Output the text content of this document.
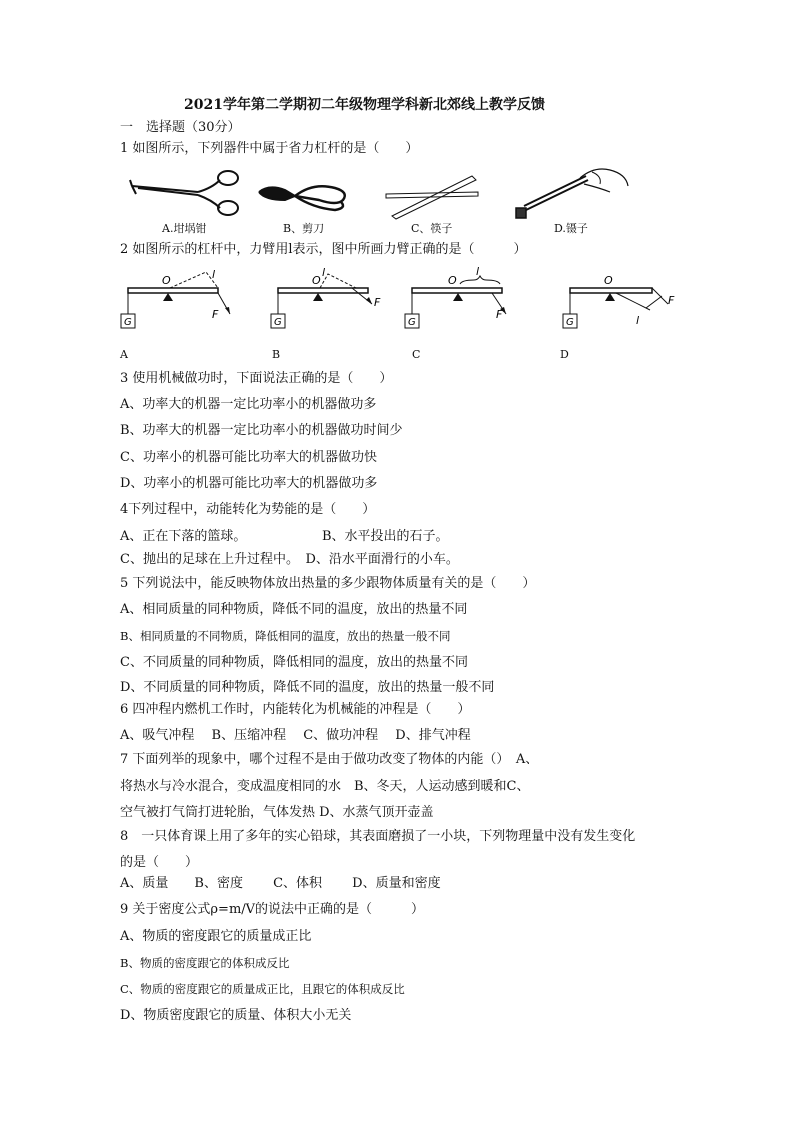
2021学年第二学期初二年级物理学科新北郊线上教学反馈
一　选择题（30分）
1 如图所示，下列器件中属于省力杠杆的是（　　）
A.坩埚钳	B、剪刀	C、筷子	D.镊子
2 如图所示的杠杆中，力臂用l表示，图中所画力臂正确的是（　　　）
O
G
F
l
A
O
G
F
l
B
O
G
F
l
C
O
G
F
l
D
3 使用机械做功时，下面说法正确的是（　　）
A、功率大的机器一定比功率小的机器做功多
B、功率大的机器一定比功率小的机器做功时间少
C、功率小的机器可能比功率大的机器做功快
D、功率小的机器可能比功率大的机器做功多
4下列过程中，动能转化为势能的是（　　）
A、正在下落的篮球。	B、水平投出的石子。
C、抛出的足球在上升过程中。　D、沿水平面滑行的小车。
5 下列说法中，能反映物体放出热量的多少跟物体质量有关的是（　　）
A、相同质量的同种物质，降低不同的温度，放出的热量不同
B、相同质量的不同物质，降低相同的温度，放出的热量一般不同
C、不同质量的同种物质，降低相同的温度，放出的热量不同
D、不同质量的同种物质，降低不同的温度，放出的热量一般不同
6 四冲程内燃机工作时，内能转化为机械能的冲程是（　　）
A、吸气冲程　 B、压缩冲程　 C、做功冲程　 D、排气冲程
7 下面列举的现象中，哪个过程不是由于做功改变了物体的内能（）　A、
将热水与冷水混合，变成温度相同的水　B、冬天，人运动感到暖和C、
空气被打气筒打进轮胎，气体发热 D、水蒸气顶开壶盖
8　一只体育课上用了多年的实心铅球，其表面磨损了一小块，下列物理量中没有发生变化
的是（　　）
A、质量　　B、密度　　 C、体积　　 D、质量和密度
9 关于密度公式ρ=m/V的说法中正确的是（　　　）
A、物质的密度跟它的质量成正比
B、物质的密度跟它的体积成反比
C、物质的密度跟它的质量成正比，且跟它的体积成反比
D、物质密度跟它的质量、体积大小无关
